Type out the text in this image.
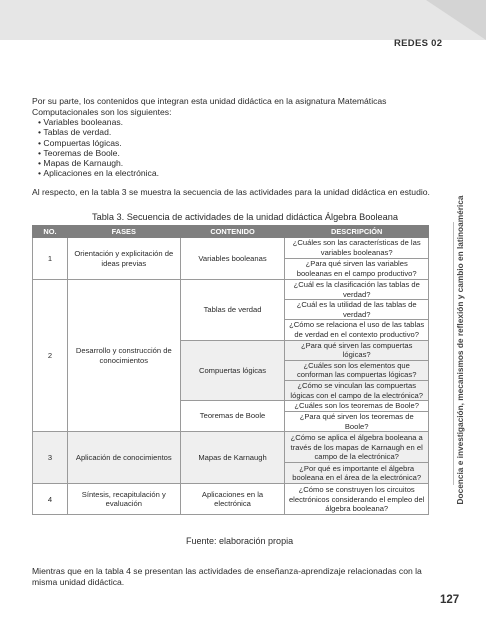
REDES 02
Por su parte, los contenidos que integran esta unidad didáctica en la asignatura Matemáticas Computacionales son los siguientes:
• Variables booleanas.
• Tablas de verdad.
• Compuertas lógicas.
• Teoremas de Boole.
• Mapas de Karnaugh.
• Aplicaciones en la electrónica.
Al respecto, en la tabla 3 se muestra la secuencia de las actividades para la unidad didáctica en estudio.
Tabla 3. Secuencia de actividades de la unidad didáctica Álgebra Booleana
NO.	FASES	CONTENIDO	DESCRIPCIÓN
1	Orientación y explicitación de ideas previas	Variables booleanas	¿Cuáles son las características de las variables booleanas?
			¿Para qué sirven las variables booleanas en el campo productivo?
2	Desarrollo y construcción de conocimientos	Tablas de verdad	¿Cuál es la clasificación las tablas de verdad?
			¿Cuál es la utilidad de las tablas de verdad?
			¿Cómo se relaciona el uso de las tablas de verdad en el contexto productivo?
		Compuertas lógicas	¿Para qué sirven las compuertas lógicas?
			¿Cuáles son los elementos que conforman las compuertas lógicas?
			¿Cómo se vinculan las compuertas lógicas con el campo de la electrónica?
		Teoremas de Boole	¿Cuáles son los teoremas de Boole?
			¿Para qué sirven los teoremas de Boole?
3	Aplicación de conocimientos	Mapas de Karnaugh	¿Cómo se aplica el álgebra booleana a través de los mapas de Karnaugh en el campo de la electrónica?
			¿Por qué es importante el álgebra booleana en el área de la electrónica?
4	Síntesis, recapitulación y evaluación	Aplicaciones en la electrónica	¿Cómo se construyen los circuitos electrónicos considerando el empleo del álgebra booleana?
Fuente: elaboración propia
Mientras que en la tabla 4 se presentan las actividades de enseñanza-aprendizaje relacionadas con la misma unidad didáctica.
Docencia e investigación, mecanismos de reflexión y cambio en latinoamérica
127
